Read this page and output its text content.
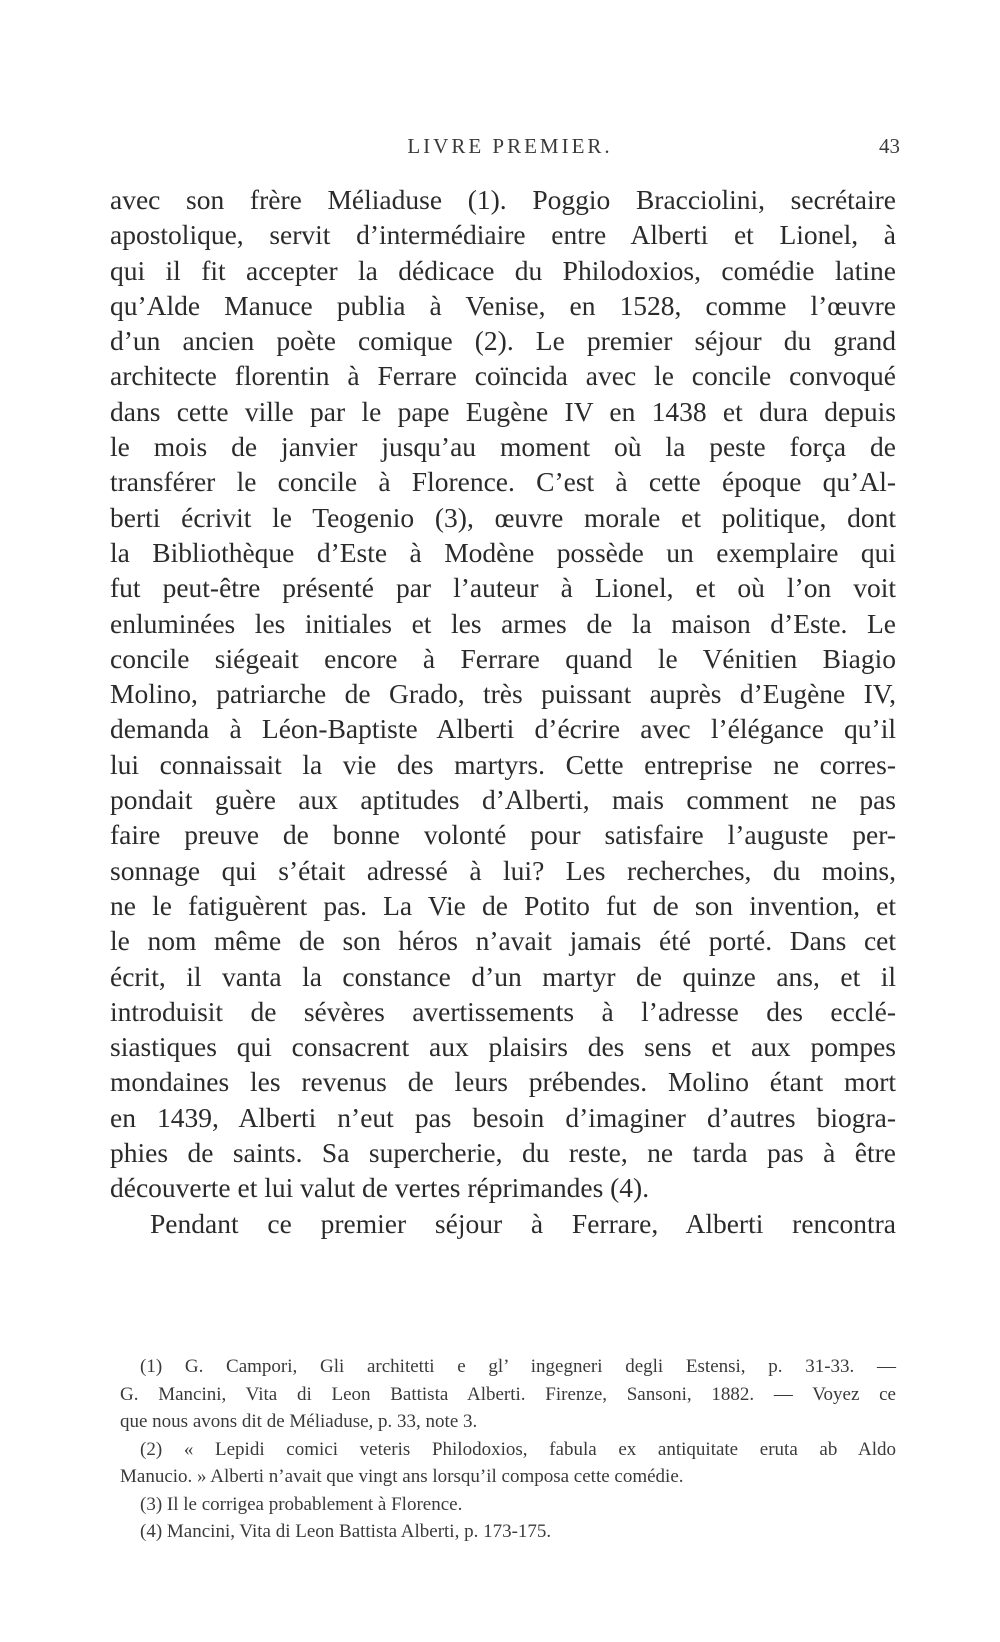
LIVRE PREMIER.	43
avec son frère Méliaduse (1). Poggio Bracciolini, secrétaire
apostolique, servit d’intermédiaire entre Alberti et Lionel, à
qui il fit accepter la dédicace du Philodoxios, comédie latine
qu’Alde Manuce publia à Venise, en 1528, comme l’œuvre
d’un ancien poète comique (2). Le premier séjour du grand
architecte florentin à Ferrare coïncida avec le concile convoqué
dans cette ville par le pape Eugène IV en 1438 et dura depuis
le mois de janvier jusqu’au moment où la peste força de
transférer le concile à Florence. C’est à cette époque qu’Al-
berti écrivit le Teogenio (3), œuvre morale et politique, dont
la Bibliothèque d’Este à Modène possède un exemplaire qui
fut peut-être présenté par l’auteur à Lionel, et où l’on voit
enluminées les initiales et les armes de la maison d’Este. Le
concile siégeait encore à Ferrare quand le Vénitien Biagio
Molino, patriarche de Grado, très puissant auprès d’Eugène IV,
demanda à Léon-Baptiste Alberti d’écrire avec l’élégance qu’il
lui connaissait la vie des martyrs. Cette entreprise ne corres-
pondait guère aux aptitudes d’Alberti, mais comment ne pas
faire preuve de bonne volonté pour satisfaire l’auguste per-
sonnage qui s’était adressé à lui? Les recherches, du moins,
ne le fatiguèrent pas. La Vie de Potito fut de son invention, et
le nom même de son héros n’avait jamais été porté. Dans cet
écrit, il vanta la constance d’un martyr de quinze ans, et il
introduisit de sévères avertissements à l’adresse des ecclé-
siastiques qui consacrent aux plaisirs des sens et aux pompes
mondaines les revenus de leurs prébendes. Molino étant mort
en 1439, Alberti n’eut pas besoin d’imaginer d’autres biogra-
phies de saints. Sa supercherie, du reste, ne tarda pas à être
découverte et lui valut de vertes réprimandes (4).
Pendant ce premier séjour à Ferrare, Alberti rencontra
(1) G. Campori, Gli architetti e gl’ ingegneri degli Estensi, p. 31-33. —
G. Mancini, Vita di Leon Battista Alberti. Firenze, Sansoni, 1882. — Voyez ce
que nous avons dit de Méliaduse, p. 33, note 3.
(2) « Lepidi comici veteris Philodoxios, fabula ex antiquitate eruta ab Aldo
Manucio. » Alberti n’avait que vingt ans lorsqu’il composa cette comédie.
(3) Il le corrigea probablement à Florence.
(4) Mancini, Vita di Leon Battista Alberti, p. 173-175.
